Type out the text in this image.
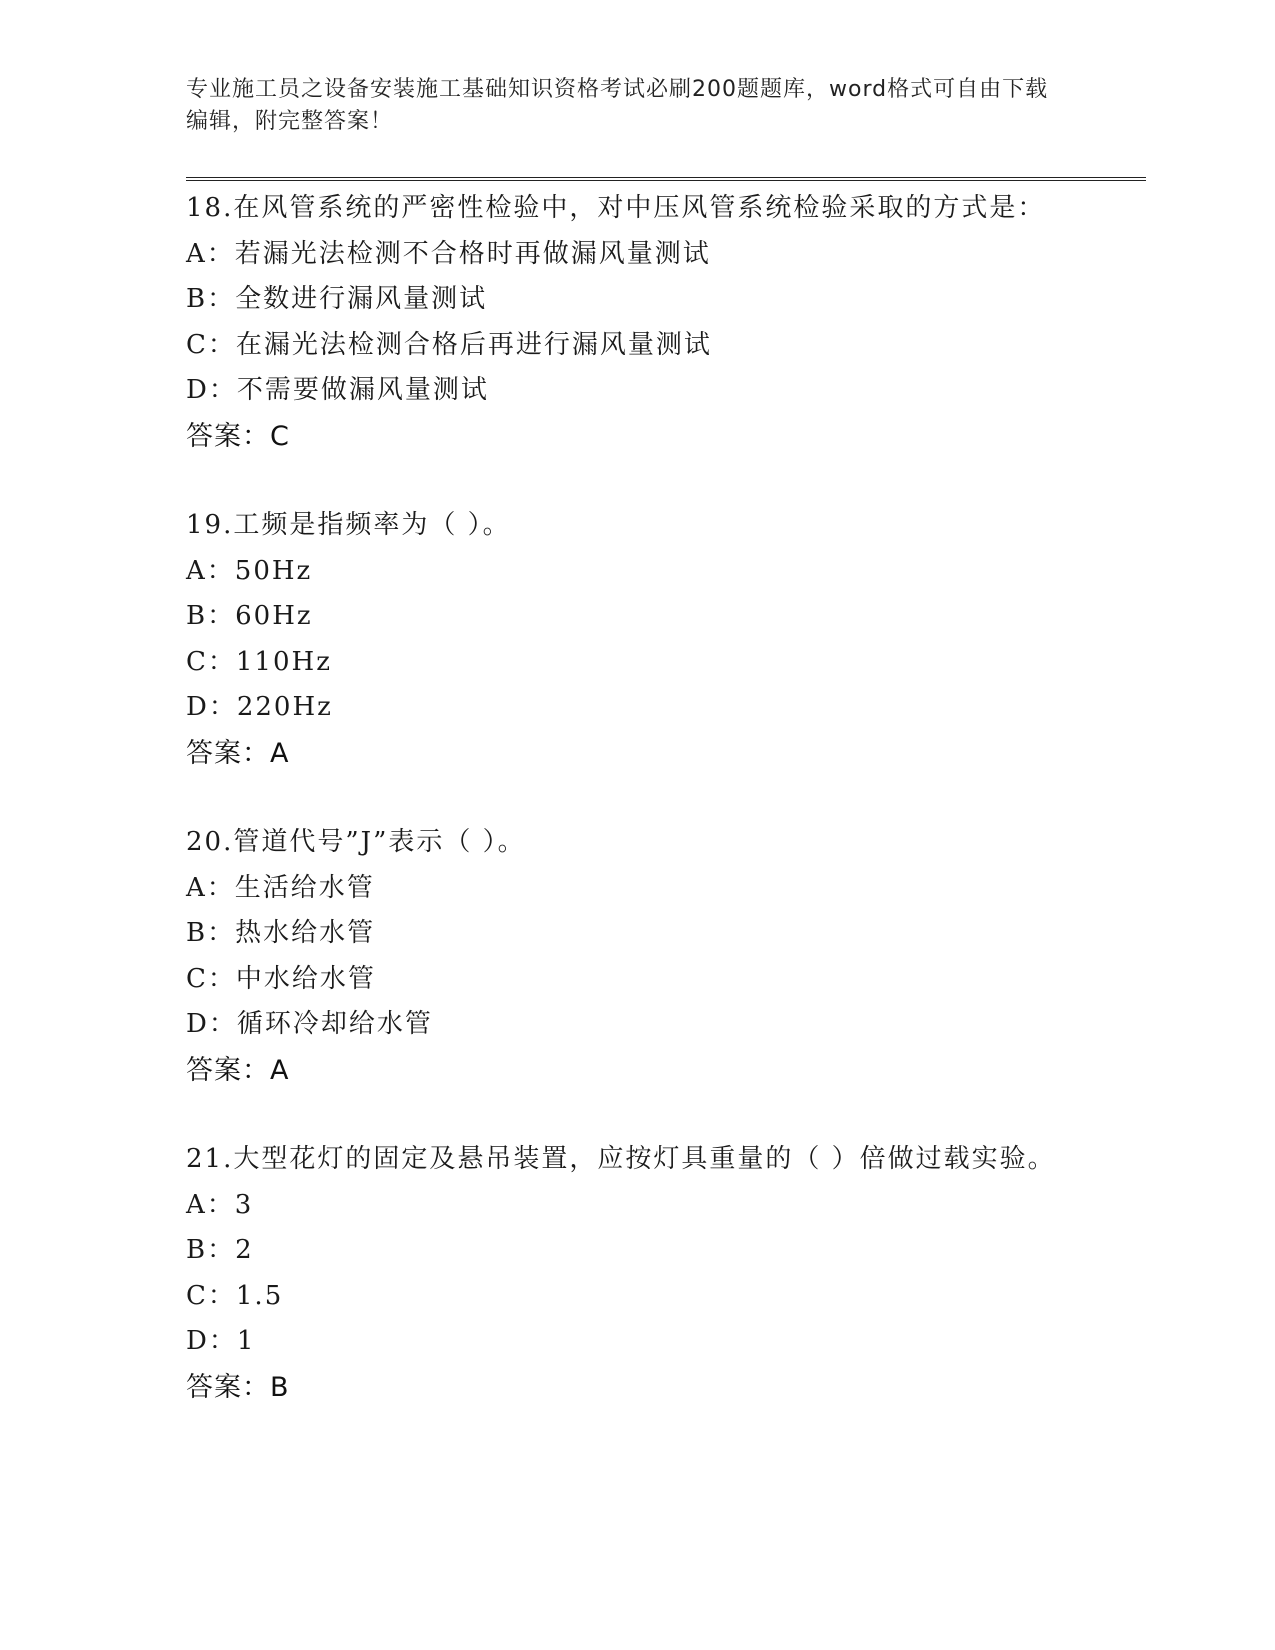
专业施工员之设备安装施工基础知识资格考试必刷200题题库，word格式可自由下载编辑，附完整答案！
18.在风管系统的严密性检验中，对中压风管系统检验采取的方式是：
A：若漏光法检测不合格时再做漏风量测试
B：全数进行漏风量测试
C：在漏光法检测合格后再进行漏风量测试
D：不需要做漏风量测试
答案：C
19.工频是指频率为（ ）。
A：50Hz
B：60Hz
C：110Hz
D：220Hz
答案：A
20.管道代号”J”表示（ ）。
A：生活给水管
B：热水给水管
C：中水给水管
D：循环冷却给水管
答案：A
21.大型花灯的固定及悬吊装置，应按灯具重量的（ ）倍做过载实验。
A：3
B：2
C：1.5
D：1
答案：B
